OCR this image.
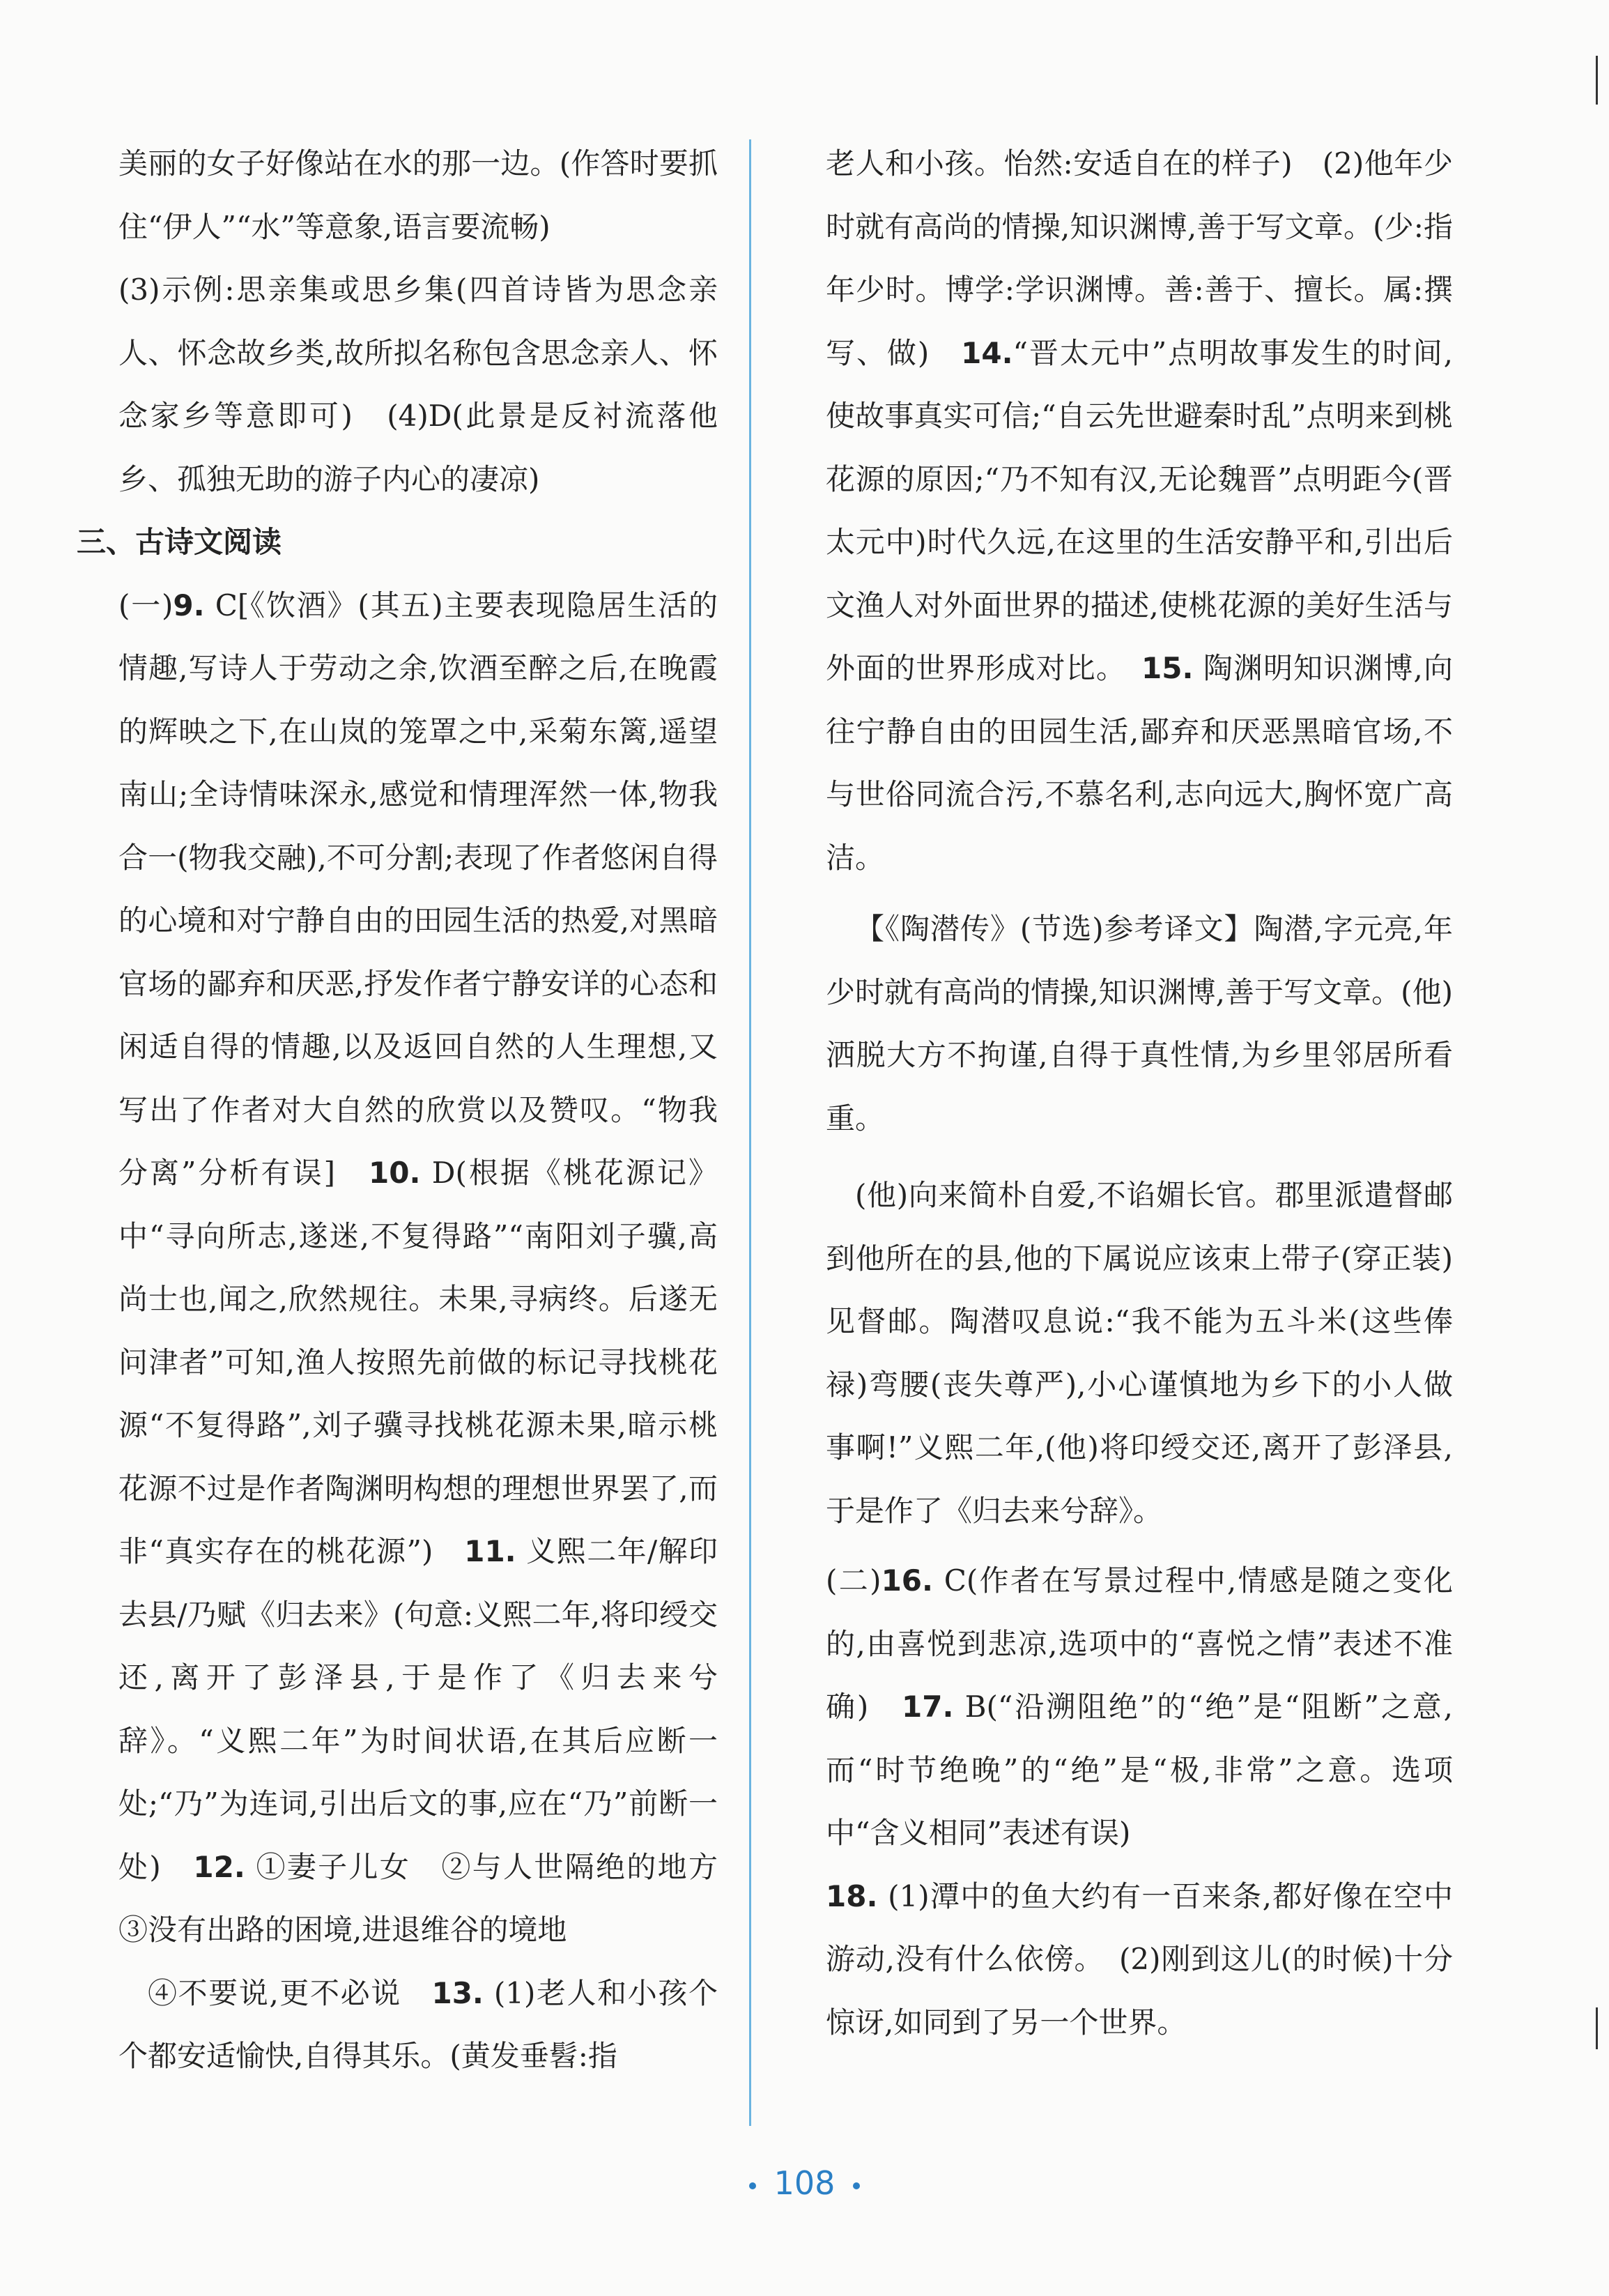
美丽的女子好像站在水的那一边。(作答时要抓住“伊人”“水”等意象,语言要流畅)

(3)示例:思亲集或思乡集(四首诗皆为思念亲人、怀念故乡类,故所拟名称包含思念亲人、怀念家乡等意即可)　(4)D(此景是反衬流落他乡、孤独无助的游子内心的凄凉)

三、古诗文阅读

(一)9. C[《饮酒》(其五)主要表现隐居生活的情趣,写诗人于劳动之余,饮酒至醉之后,在晚霞的辉映之下,在山岚的笼罩之中,采菊东篱,遥望南山;全诗情味深永,感觉和情理浑然一体,物我合一(物我交融),不可分割;表现了作者悠闲自得的心境和对宁静自由的田园生活的热爱,对黑暗官场的鄙弃和厌恶,抒发作者宁静安详的心态和闲适自得的情趣,以及返回自然的人生理想,又写出了作者对大自然的欣赏以及赞叹。“物我分离”分析有误]　10. D(根据《桃花源记》中“寻向所志,遂迷,不复得路”“南阳刘子骥,高尚士也,闻之,欣然规往。未果,寻病终。后遂无问津者”可知,渔人按照先前做的标记寻找桃花源“不复得路”,刘子骥寻找桃花源未果,暗示桃花源不过是作者陶渊明构想的理想世界罢了,而非“真实存在的桃花源”)　11. 义熙二年/解印去县/乃赋《归去来》(句意:义熙二年,将印绶交还,离开了彭泽县,于是作了《归去来兮辞》。“义熙二年”为时间状语,在其后应断一处;“乃”为连词,引出后文的事,应在“乃”前断一处)　12. ①妻子儿女　②与人世隔绝的地方　③没有出路的困境,进退维谷的境地

④不要说,更不必说　13. (1)老人和小孩个个都安适愉快,自得其乐。(黄发垂髫:指

老人和小孩。怡然:安适自在的样子)　(2)他年少时就有高尚的情操,知识渊博,善于写文章。(少:指年少时。博学:学识渊博。善:善于、擅长。属:撰写、做)　14.“晋太元中”点明故事发生的时间,使故事真实可信;“自云先世避秦时乱”点明来到桃花源的原因;“乃不知有汉,无论魏晋”点明距今(晋太元中)时代久远,在这里的生活安静平和,引出后文渔人对外面世界的描述,使桃花源的美好生活与外面的世界形成对比。　15. 陶渊明知识渊博,向往宁静自由的田园生活,鄙弃和厌恶黑暗官场,不与世俗同流合污,不慕名利,志向远大,胸怀宽广高洁。

【《陶潜传》(节选)参考译文】陶潜,字元亮,年少时就有高尚的情操,知识渊博,善于写文章。(他)洒脱大方不拘谨,自得于真性情,为乡里邻居所看重。

(他)向来简朴自爱,不谄媚长官。郡里派遣督邮到他所在的县,他的下属说应该束上带子(穿正装)见督邮。陶潜叹息说:“我不能为五斗米(这些俸禄)弯腰(丧失尊严),小心谨慎地为乡下的小人做事啊!”义熙二年,(他)将印绶交还,离开了彭泽县,于是作了《归去来兮辞》。

(二)16. C(作者在写景过程中,情感是随之变化的,由喜悦到悲凉,选项中的“喜悦之情”表述不准确)　17. B(“沿溯阻绝”的“绝”是“阻断”之意,而“时节绝晚”的“绝”是“极,非常”之意。选项中“含义相同”表述有误)

18. (1)潭中的鱼大约有一百来条,都好像在空中游动,没有什么依傍。　(2)刚到这儿(的时候)十分惊讶,如同到了另一个世界。

108
